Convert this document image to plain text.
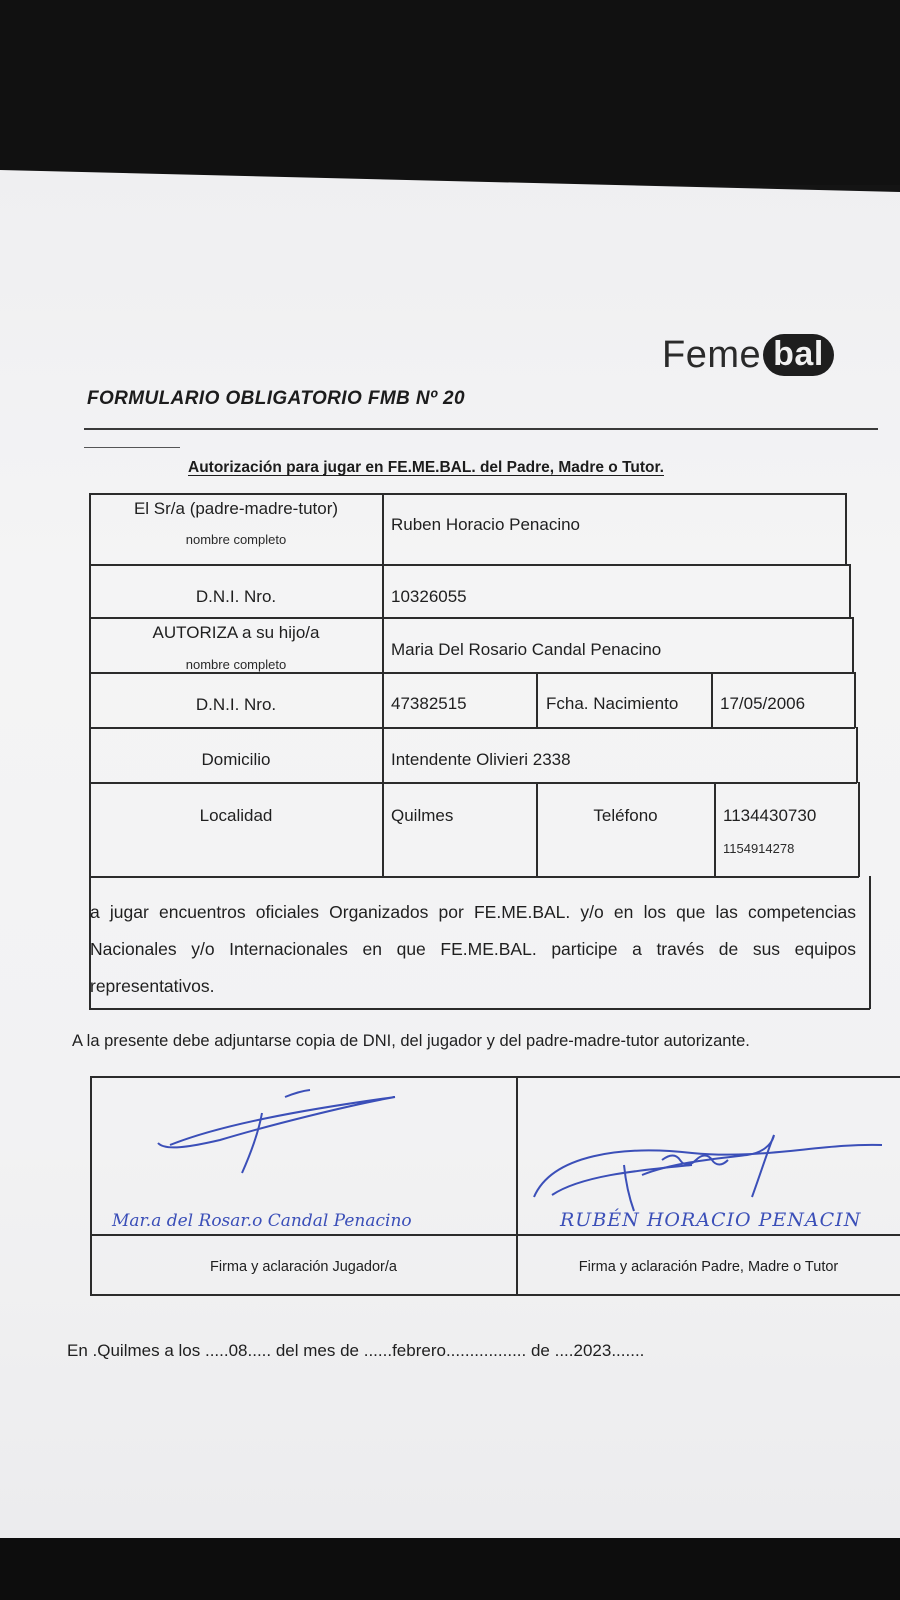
Feme bal
FORMULARIO OBLIGATORIO FMB Nº 20
Autorización para jugar en FE.ME.BAL. del Padre, Madre o Tutor.
El Sr/a (padre-madre-tutor)
nombre completo
Ruben Horacio Penacino
D.N.I. Nro.	10326055
AUTORIZA a su hijo/a
nombre completo
Maria Del Rosario Candal Penacino
D.N.I. Nro.	47382515	Fcha. Nacimiento 17/05/2006
Domicilio	Intendente Olivieri 2338
Localidad	Quilmes	Teléfono	1134430730
1154914278
a jugar encuentros oficiales Organizados por FE.ME.BAL. y/o en los que las competencias Nacionales y/o Internacionales en que FE.ME.BAL. participe a través de sus equipos representativos.
A la presente debe adjuntarse copia de DNI, del jugador y del padre-madre-tutor autorizante.
Mar.a del Rosar.o Candal Penacino	RUBÉN HORACIO PENACIN
Firma y aclaración Jugador/a	Firma y aclaración Padre, Madre o Tutor
En .Quilmes a los .....08..... del mes de ......febrero................. de ....2023.......
